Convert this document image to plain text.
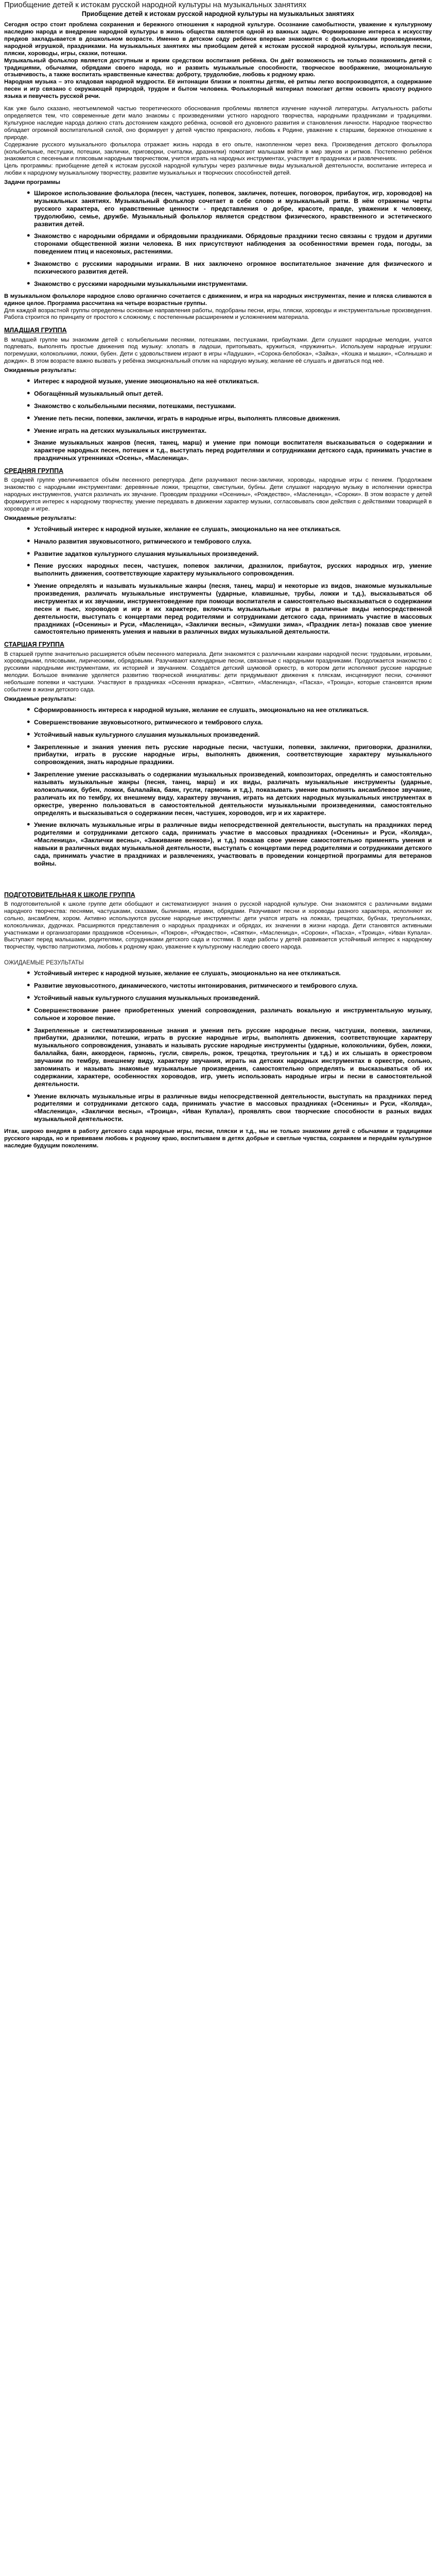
Приобщение детей к истокам русской народной культуры на музыкальных занятиях
Приобщение детей к истокам русской народной культуры на музыкальных занятиях

Сегодня остро стоит проблема сохранения и бережного отношения к народной культуре. Осознание самобытности, уважение к культурному наследию народа и внедрение народной культуры в жизнь общества является одной из важных задач. Формирование интереса к искусству предков закладывается в дошкольном возрасте. Именно в детском саду ребёнок впервые знакомится с фольклорными произведениями, народной игрушкой, праздниками. На музыкальных занятиях мы приобщаем детей к истокам русской народной культуры, используя песни, пляски, хороводы, игры, сказки, потешки.

Музыкальный фольклор является доступным и ярким средством воспитания ребёнка. Он даёт возможность не только познакомить детей с традициями, обычаями, обрядами своего народа, но и развить музыкальные способности, творческое воображение, эмоциональную отзывчивость, а также воспитать нравственные качества: доброту, трудолюбие, любовь к родному краю.

Народная музыка – это кладовая народной мудрости. Её интонации близки и понятны детям, её ритмы легко воспроизводятся, а содержание песен и игр связано с окружающей природой, трудом и бытом человека. Фольклорный материал помогает детям освоить красоту родного языка и певучесть русской речи.

Как уже было сказано, неотъемлемой частью теоретического обоснования проблемы является изучение научной литературы. Актуальность работы определяется тем, что современные дети мало знакомы с произведениями устного народного творчества, народными праздниками и традициями. Культурное наследие народа должно стать достоянием каждого ребёнка, основой его духовного развития и становления личности. Народное творчество обладает огромной воспитательной силой, оно формирует у детей чувство прекрасного, любовь к Родине, уважение к старшим, бережное отношение к природе.

Содержание русского музыкального фольклора отражает жизнь народа в его опыте, накопленном через века. Произведения детского фольклора (колыбельные, пестушки, потешки, заклички, приговорки, считалки, дразнилки) помогают малышам войти в мир звуков и ритмов. Постепенно ребёнок знакомится с песенным и плясовым народным творчеством, учится играть на народных инструментах, участвует в праздниках и развлечениях.

Цель программы: приобщение детей к истокам русской народной культуры через различные виды музыкальной деятельности, воспитание интереса и любви к народному музыкальному творчеству, развитие музыкальных и творческих способностей детей.

Задачи программы
● Широкое использование фольклора (песен, частушек, попевок, закличек, потешек, поговорок, прибауток, игр, хороводов) на музыкальных занятиях. Музыкальный фольклор сочетает в себе слово и музыкальный ритм. В нём отражены черты русского характера, его нравственные ценности - представления о добре, красоте, правде, уважении к человеку, трудолюбию, семье, дружбе. Музыкальный фольклор является средством физического, нравственного и эстетического развития детей.
● Знакомство с народными обрядами и обрядовыми праздниками. Обрядовые праздники тесно связаны с трудом и другими сторонами общественной жизни человека. В них присутствуют наблюдения за особенностями времен года, погоды, за поведением птиц и насекомых, растениями.
● Знакомство с русскими народными играми. В них заключено огромное воспитательное значение для физического и психического развития детей.
● Знакомство с русскими народными музыкальными инструментами.

В музыкальном фольклоре народное слово органично сочетается с движением, и игра на народных инструментах, пение и пляска сливаются в единое целое. Программа рассчитана на четыре возрастные группы.

Для каждой возрастной группы определены основные направления работы, подобраны песни, игры, пляски, хороводы и инструментальные произведения. Работа строится по принципу от простого к сложному, с постепенным расширением и усложнением материала.

МЛАДШАЯ ГРУППА

В младшей группе мы знакомим детей с колыбельными песнями, потешками, пестушками, прибаутками. Дети слушают народные мелодии, учатся подпевать, выполнять простые движения под музыку: хлопать в ладоши, притопывать, кружиться, «пружинить». Используем народные игрушки: погремушки, колокольчики, ложки, бубен. Дети с удовольствием играют в игры «Ладушки», «Сорока-белобока», «Зайка», «Кошка и мышки», «Солнышко и дождик». В этом возрасте важно вызвать у ребёнка эмоциональный отклик на народную музыку, желание её слушать и двигаться под неё.

Ожидаемые результаты:
● Интерес к народной музыке, умение эмоционально на неё откликаться.
● Обогащённый музыкальный опыт детей.
● Знакомство с колыбельными песнями, потешками, пестушками.
● Умение петь песни, попевки, заклички, играть в народные игры, выполнять плясовые движения.
● Умение играть на детских музыкальных инструментах.
● Знание музыкальных жанров (песня, танец, марш) и умение при помощи воспитателя высказываться о содержании и характере народных песен, потешек и т.д., выступать перед родителями и сотрудниками детского сада, принимать участие в праздничных утренниках «Осень», «Масленица».
СРЕДНЯЯ ГРУППА

В средней группе увеличивается объём песенного репертуара. Дети разучивают песни-заклички, хороводы, народные игры с пением. Продолжаем знакомство с народными инструментами: деревянные ложки, трещотки, свистульки, бубны. Дети слушают народную музыку в исполнении оркестра народных инструментов, учатся различать их звучание. Проводим праздники «Осенины», «Рождество», «Масленица», «Сороки». В этом возрасте у детей формируется интерес к народному творчеству, умение передавать в движении характер музыки, согласовывать свои действия с действиями товарищей в хороводе и игре.

Ожидаемые результаты:
● Устойчивый интерес к народной музыке, желание ее слушать, эмоционально на нее откликаться.
● Начало развития звуковысотного, ритмического и тембрового слуха.
● Развитие задатков культурного слушания музыкальных произведений.
● Пение русских народных песен, частушек, попевок заклички, дразнилок, прибауток, русских народных игр, умение выполнить движения, соответствующие характеру музыкального сопровождения.
● Умение определять и называть музыкальные жанры (песня, танец, марш) и некоторые из видов, знакомые музыкальные произведения, различать музыкальные инструменты (ударные, клавишные, трубы, ложки и т.д.), высказываться об инструментах и их звучании, инструментоведение при помощи воспитателя и самостоятельно высказываться о содержании песен и пьес, хороводов и игр и их характере, включать музыкальные игры в различные виды непосредственной деятельности, выступать с концертами перед родителями и сотрудниками детского сада, принимать участие в массовых праздниках («Осенины» и Руси, «Масленица», «Заклички весны», «Зимушки зима», «Праздник лета») показав свое умение самостоятельно применять умения и навыки в различных видах музыкальной деятельности.
СТАРШАЯ ГРУППА

В старшей группе значительно расширяется объём песенного материала. Дети знакомятся с различными жанрами народной песни: трудовыми, игровыми, хороводными, плясовыми, лирическими, обрядовыми. Разучивают календарные песни, связанные с народными праздниками. Продолжается знакомство с русскими народными инструментами, их историей и звучанием. Создаётся детский шумовой оркестр, в котором дети исполняют русские народные мелодии. Большое внимание уделяется развитию творческой инициативы: дети придумывают движения к пляскам, инсценируют песни, сочиняют небольшие попевки и частушки. Участвуют в праздниках «Осенняя ярмарка», «Святки», «Масленица», «Пасха», «Троица», которые становятся ярким событием в жизни детского сада.

Ожидаемые результаты:
● Сформированность интереса к народной музыке, желание ее слушать, эмоционально на нее откликаться.
● Совершенствование звуковысотного, ритмического и тембрового слуха.
● Устойчивый навык культурного слушания музыкальных произведений.
● Закрепленные и знания умения петь русские народные песни, частушки, попевки, заклички, приговорки, дразнилки, прибаутки, играть в русские народные игры, выполнять движения, соответствующие характеру музыкального сопровождения, знать народные праздники.
● Закрепление умение рассказывать о содержании музыкальных произведений, композиторах, определять и самостоятельно называть музыкальные жанры (песня, танец, марш) и их виды, различать музыкальные инструменты (ударные, колокольчики, бубен, ложки, балалайка, баян, гусли, гармонь и т.д.), показывать умение выполнять ансамблевое звучание, различать их по тембру, их внешнему виду, характеру звучания, играть на детских народных музыкальных инструментах в оркестре, уверенно пользоваться в самостоятельной деятельности музыкальными произведениями, самостоятельно определять и высказываться о содержании песен, частушек, хороводов, игр и их характере.
● Умение включать музыкальные игры в различные виды непосредственной деятельности, выступать на праздниках перед родителями и сотрудниками детского сада, принимать участие в массовых праздниках («Осенины» и Руси, «Коляда», «Масленица», «Заклички весны», «Заживание венков»), и т.д.) показав свое умение самостоятельно применять умения и навыки в различных видах музыкальной деятельности, выступать с концертами перед родителями и сотрудниками детского сада, принимать участие в праздниках и развлечениях, участвовать в проведении концертной программы для ветеранов войны.
ПОДГОТОВИТЕЛЬНАЯ К ШКОЛЕ ГРУППА

В подготовительной к школе группе дети обобщают и систематизируют знания о русской народной культуре. Они знакомятся с различными видами народного творчества: песнями, частушками, сказами, былинами, играми, обрядами. Разучивают песни и хороводы разного характера, исполняют их сольно, ансамблем, хором. Активно используются русские народные инструменты: дети учатся играть на ложках, трещотках, бубнах, треугольниках, колокольчиках, дудочках. Расширяются представления о народных праздниках и обрядах, их значении в жизни народа. Дети становятся активными участниками и организаторами праздников «Осенины», «Покров», «Рождество», «Святки», «Масленица», «Сороки», «Пасха», «Троица», «Иван Купала». Выступают перед малышами, родителями, сотрудниками детского сада и гостями. В ходе работы у детей развивается устойчивый интерес к народному творчеству, чувство патриотизма, любовь к родному краю, уважение к культурному наследию своего народа.

ОЖИДАЕМЫЕ РЕЗУЛЬТАТЫ
● Устойчивый интерес к народной музыке, желание ее слушать, эмоционально на нее откликаться.
● Развитие звуковысотного, динамического, чистоты интонирования, ритмического и тембрового слуха.
● Устойчивый навык культурного слушания музыкальных произведений.
● Совершенствование ранее приобретенных умений сопровождения, различать вокальную и инструментальную музыку, сольное и хоровое пение.
● Закрепленные и систематизированные знания и умения петь русские народные песни, частушки, попевки, заклички, прибаутки, дразнилки, потешки, играть в русские народные игры, выполнять движения, соответствующие характеру музыкального сопровождения, узнавать и называть русские народные инструменты (ударные, колокольчики, бубен, ложки, балалайка, баян, аккордеон, гармонь, гусли, свирель, рожок, трещотка, треугольник и т.д.) и их слышать в оркестровом звучании по тембру, внешнему виду, характеру звучания, играть на детских народных инструментах в оркестре, сольно, запоминать и называть знакомые музыкальные произведения, самостоятельно определять и высказываться об их содержании, характере, особенностях хороводов, игр, уметь использовать народные игры и песни в самостоятельной деятельности.
● Умение включать музыкальные игры в различные виды непосредственной деятельности, выступать на праздниках перед родителями и сотрудниками детского сада, принимать участие в массовых праздниках («Осенины» и Руси, «Коляда», «Масленица», «Заклички весны», «Троица», «Иван Купала»), проявлять свои творческие способности в разных видах музыкальной деятельности.

Итак, широко внедряя в работу детского сада народные игры, песни, пляски и т.д., мы не только знакомим детей с обычаями и традициями русского народа, но и прививаем любовь к родному краю, воспитываем в детях добрые и светлые чувства, сохраняем и передаём культурное наследие будущим поколениям.
